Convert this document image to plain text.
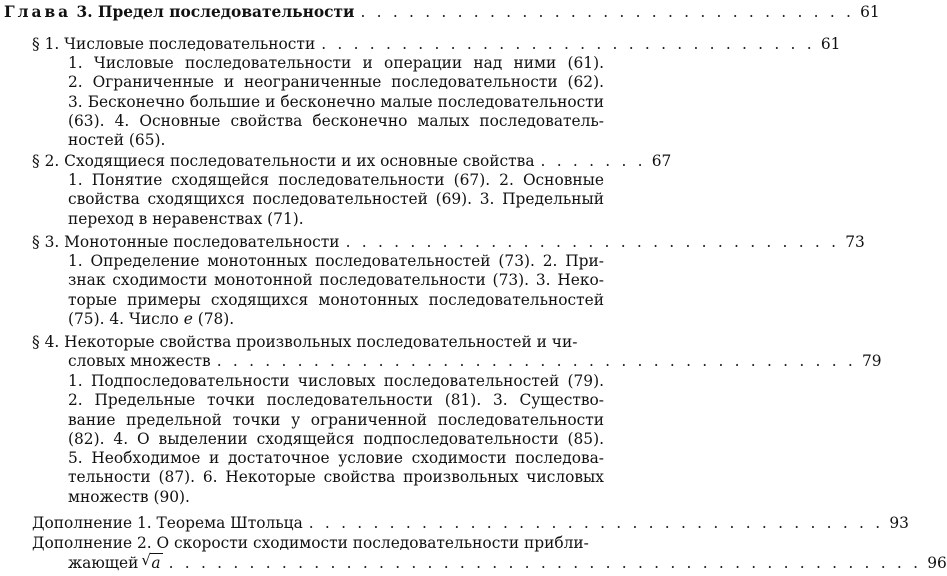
Глава 3. Предел последовательности . . . . . . . . . . . . . . . . . . . . . . . . . . . . . . . 61
§ 1. Числовые последовательности . . . . . . . . . . . . . . . . . . . . . . . . . . . . . . . 61
1. Числовые последовательности и операции над ними (61).
2. Ограниченные и неограниченные последовательности (62).
3. Бесконечно большие и бесконечно малые последовательности
(63). 4. Основные свойства бесконечно малых последователь-
ностей (65).
§ 2. Сходящиеся последовательности и их основные свойства . . . . . . . 67
1. Понятие сходящейся последовательности (67). 2. Основные
свойства сходящихся последовательностей (69). 3. Предельный
переход в неравенствах (71).
§ 3. Монотонные последовательности . . . . . . . . . . . . . . . . . . . . . . . . . . . . . . . 73
1. Определение монотонных последовательностей (73). 2. При-
знак сходимости монотонной последовательности (73). 3. Неко-
торые примеры сходящихся монотонных последовательностей
(75). 4. Число e (78).
§ 4. Некоторые свойства произвольных последовательностей и чи-
словых множеств . . . . . . . . . . . . . . . . . . . . . . . . . . . . . . . . . . . . . . . . 79
1. Подпоследовательности числовых последовательностей (79).
2. Предельные точки последовательности (81). 3. Существо-
вание предельной точки у ограниченной последовательности
(82). 4. О выделении сходящейся подпоследовательности (85).
5. Необходимое и достаточное условие сходимости последова-
тельности (87). 6. Некоторые свойства произвольных числовых
множеств (90).
Дополнение 1. Теорема Штольца . . . . . . . . . . . . . . . . . . . . . . . . . . . . . . . . . . . . 93
Дополнение 2. О скорости сходимости последовательности прибли-
жающей √ a . . . . . . . . . . . . . . . . . . . . . . . . . . . . . . . . . . . . . . . . . . . . . . . 96
